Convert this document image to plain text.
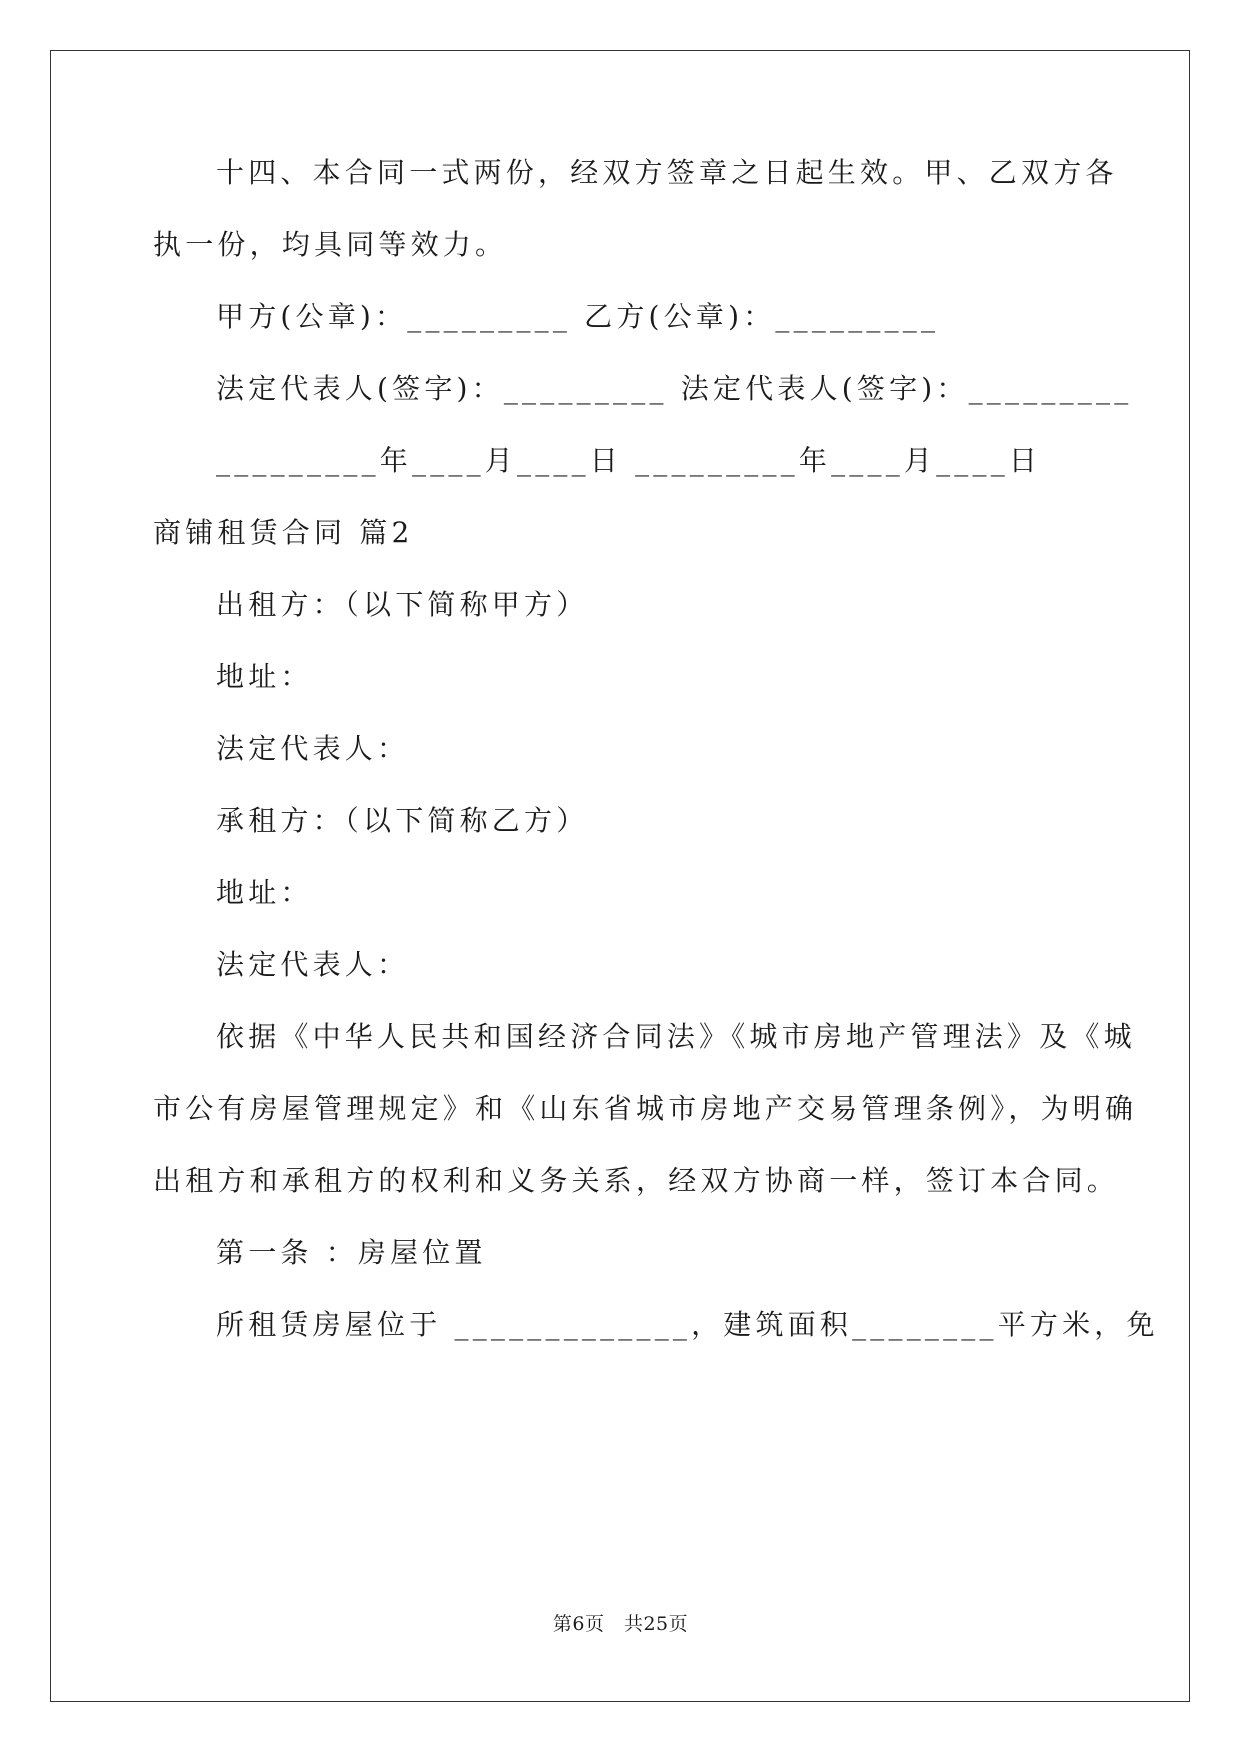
十四、本合同一式两份，经双方签章之日起生效。甲、乙双方各
执一份，均具同等效力。
甲方(公章)：_________ 乙方(公章)：_________
法定代表人(签字)：_________ 法定代表人(签字)：_________
_________年____月____日 _________年____月____日
商铺租赁合同 篇2
出租方：（以下简称甲方）
地址：
法定代表人：
承租方：（以下简称乙方）
地址：
法定代表人：
依据《中华人民共和国经济合同法》《城市房地产管理法》及《城
市公有房屋管理规定》和《山东省城市房地产交易管理条例》，为明确
出租方和承租方的权利和义务关系，经双方协商一样，签订本合同。
第一条 ：房屋位置
所租赁房屋位于 _____________，建筑面积________平方米，免
第6页　共25页
